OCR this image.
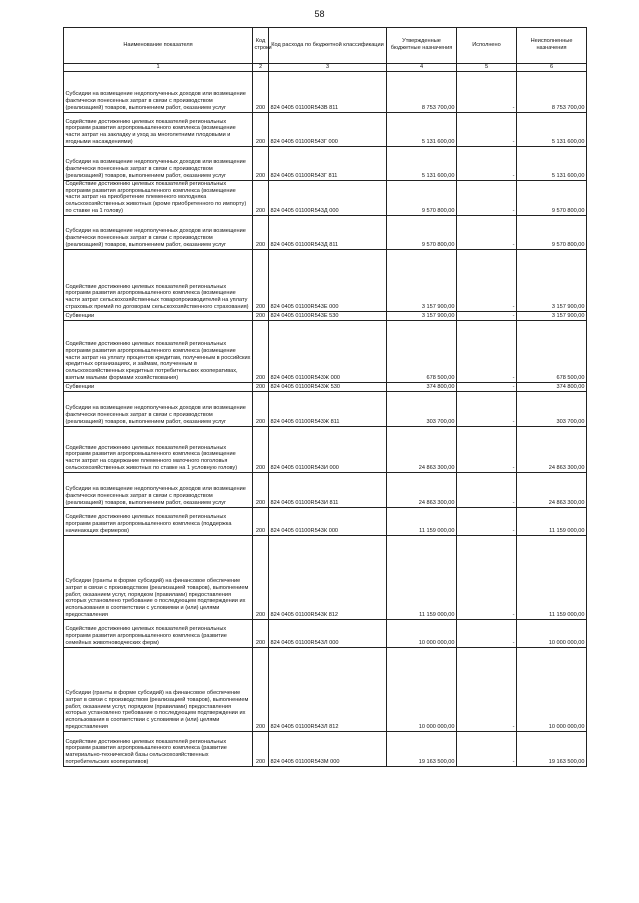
58
Наименование показателя	Код строки	Код расхода по бюджетной классификации	Утвержденные бюджетные назначения	Исполнено	Неисполненные назначения
1	2	3	4	5	6
Субсидии на возмещение недополученных доходов или возмещение фактически понесенных затрат в связи с производством (реализацией) товаров, выполнением работ, оказанием услуг	200	824 0405 01100R543В 811	8 753 700,00	-	8 753 700,00
Содействие достижению целевых показателей региональных программ развития агропромышленного комплекса (возмещение части затрат на закладку и уход за многолетними плодовыми и ягодными насаждениями)	200	824 0405 01100R543Г 000	5 131 600,00	-	5 131 600,00
Субсидии на возмещение недополученных доходов или возмещение фактически понесенных затрат в связи с производством (реализацией) товаров, выполнением работ, оказанием услуг	200	824 0405 01100R543Г 811	5 131 600,00	-	5 131 600,00
Содействие достижению целевых показателей региональных программ развития агропромышленного комплекса (возмещение части затрат на приобретение племенного молодняка сельскохозяйственных животных (кроме приобретенного по импорту) по ставке на 1 голову)	200	824 0405 01100R543Д 000	9 570 800,00	-	9 570 800,00
Субсидии на возмещение недополученных доходов или возмещение фактически понесенных затрат в связи с производством (реализацией) товаров, выполнением работ, оказанием услуг	200	824 0405 01100R543Д 811	9 570 800,00	-	9 570 800,00
Содействие достижению целевых показателей региональных программ развития агропромышленного комплекса (возмещение части затрат сельскохозяйственных товаропроизводителей на уплату страховых премий по договорам сельскохозяйственного страхования)	200	824 0405 01100R543Е 000	3 157 900,00	-	3 157 900,00
Субвенции	200	824 0405 01100R543Е 530	3 157 900,00	-	3 157 900,00
Содействие достижению целевых показателей региональных программ развития агропромышленного комплекса (возмещение части затрат на уплату процентов кредитам, полученным в российских кредитных организациях, и займам, полученным в сельскохозяйственных кредитных потребительских кооперативах, взятым малыми формами хозяйствования)	200	824 0405 01100R543Ж 000	678 500,00	-	678 500,00
Субвенции	200	824 0405 01100R543Ж 530	374 800,00	-	374 800,00
Субсидии на возмещение недополученных доходов или возмещение фактически понесенных затрат в связи с производством (реализацией) товаров, выполнением работ, оказанием услуг	200	824 0405 01100R543Ж 811	303 700,00	-	303 700,00
Содействие достижению целевых показателей региональных программ развития агропромышленного комплекса (возмещение части затрат на содержание племенного маточного поголовья сельскохозяйственных животных по ставке на 1 условную голову)	200	824 0405 01100R543И 000	24 863 300,00	-	24 863 300,00
Субсидии на возмещение недополученных доходов или возмещение фактически понесенных затрат в связи с производством (реализацией) товаров, выполнением работ, оказанием услуг	200	824 0405 01100R543И 811	24 863 300,00	-	24 863 300,00
Содействие достижению целевых показателей региональных программ развития агропромышленного комплекса (поддержка начинающих фермеров)	200	824 0405 01100R543К 000	11 159 000,00	-	11 159 000,00
Субсидии (гранты в форме субсидий) на финансовое обеспечение затрат в связи с производством (реализацией товаров), выполнением работ, оказанием услуг, порядком (правилами) предоставления которых установлено требование о последующем подтверждении их использования в соответствии с условиями и (или) целями предоставления	200	824 0405 01100R543К 812	11 159 000,00	-	11 159 000,00
Содействие достижению целевых показателей региональных программ развития агропромышленного комплекса (развитие семейных животноводческих ферм)	200	824 0405 01100R543Л 000	10 000 000,00	-	10 000 000,00
Субсидии (гранты в форме субсидий) на финансовое обеспечение затрат в связи с производством (реализацией товаров), выполнением работ, оказанием услуг, порядком (правилами) предоставления которых установлено требование о последующем подтверждении их использования в соответствии с условиями и (или) целями предоставления	200	824 0405 01100R543Л 812	10 000 000,00	-	10 000 000,00
Содействие достижению целевых показателей региональных программ развития агропромышленного комплекса (развитие материально-технической базы сельскохозяйственных потребительских кооперативов)	200	824 0405 01100R543М 000	19 163 500,00	-	19 163 500,00
